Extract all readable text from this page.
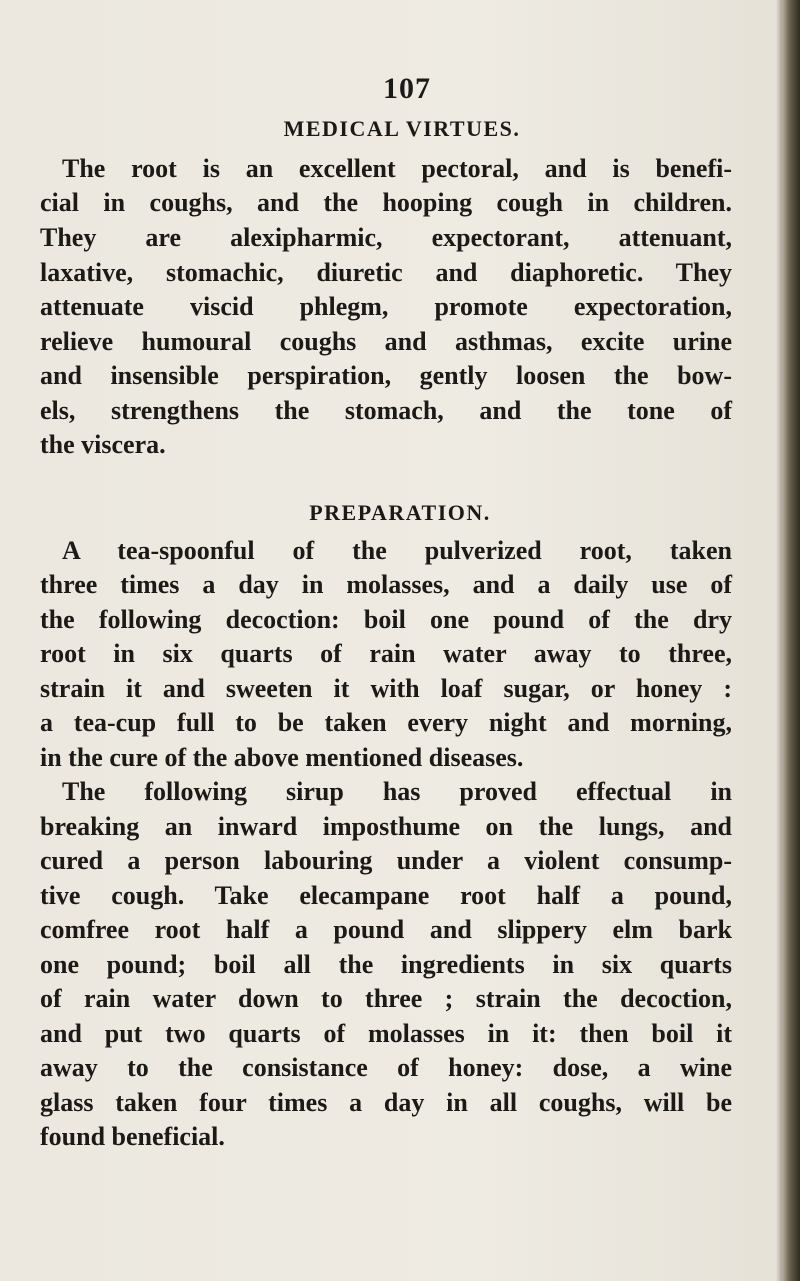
107
MEDICAL VIRTUES.
The root is an excellent pectoral, and is benefi-
cial in coughs, and the hooping cough in children.
They are alexipharmic, expectorant, attenuant,
laxative, stomachic, diuretic and diaphoretic. They
attenuate viscid phlegm, promote expectoration,
relieve humoural coughs and asthmas, excite urine
and insensible perspiration, gently loosen the bow-
els, strengthens the stomach, and the tone of
the viscera.
PREPARATION.
A tea-spoonful of the pulverized root, taken
three times a day in molasses, and a daily use of
the following decoction: boil one pound of the dry
root in six quarts of rain water away to three,
strain it and sweeten it with loaf sugar, or honey :
a tea-cup full to be taken every night and morning,
in the cure of the above mentioned diseases.
The following sirup has proved effectual in
breaking an inward imposthume on the lungs, and
cured a person labouring under a violent consump-
tive cough. Take elecampane root half a pound,
comfree root half a pound and slippery elm bark
one pound; boil all the ingredients in six quarts
of rain water down to three ; strain the decoction,
and put two quarts of molasses in it: then boil it
away to the consistance of honey: dose, a wine
glass taken four times a day in all coughs, will be
found beneficial.
